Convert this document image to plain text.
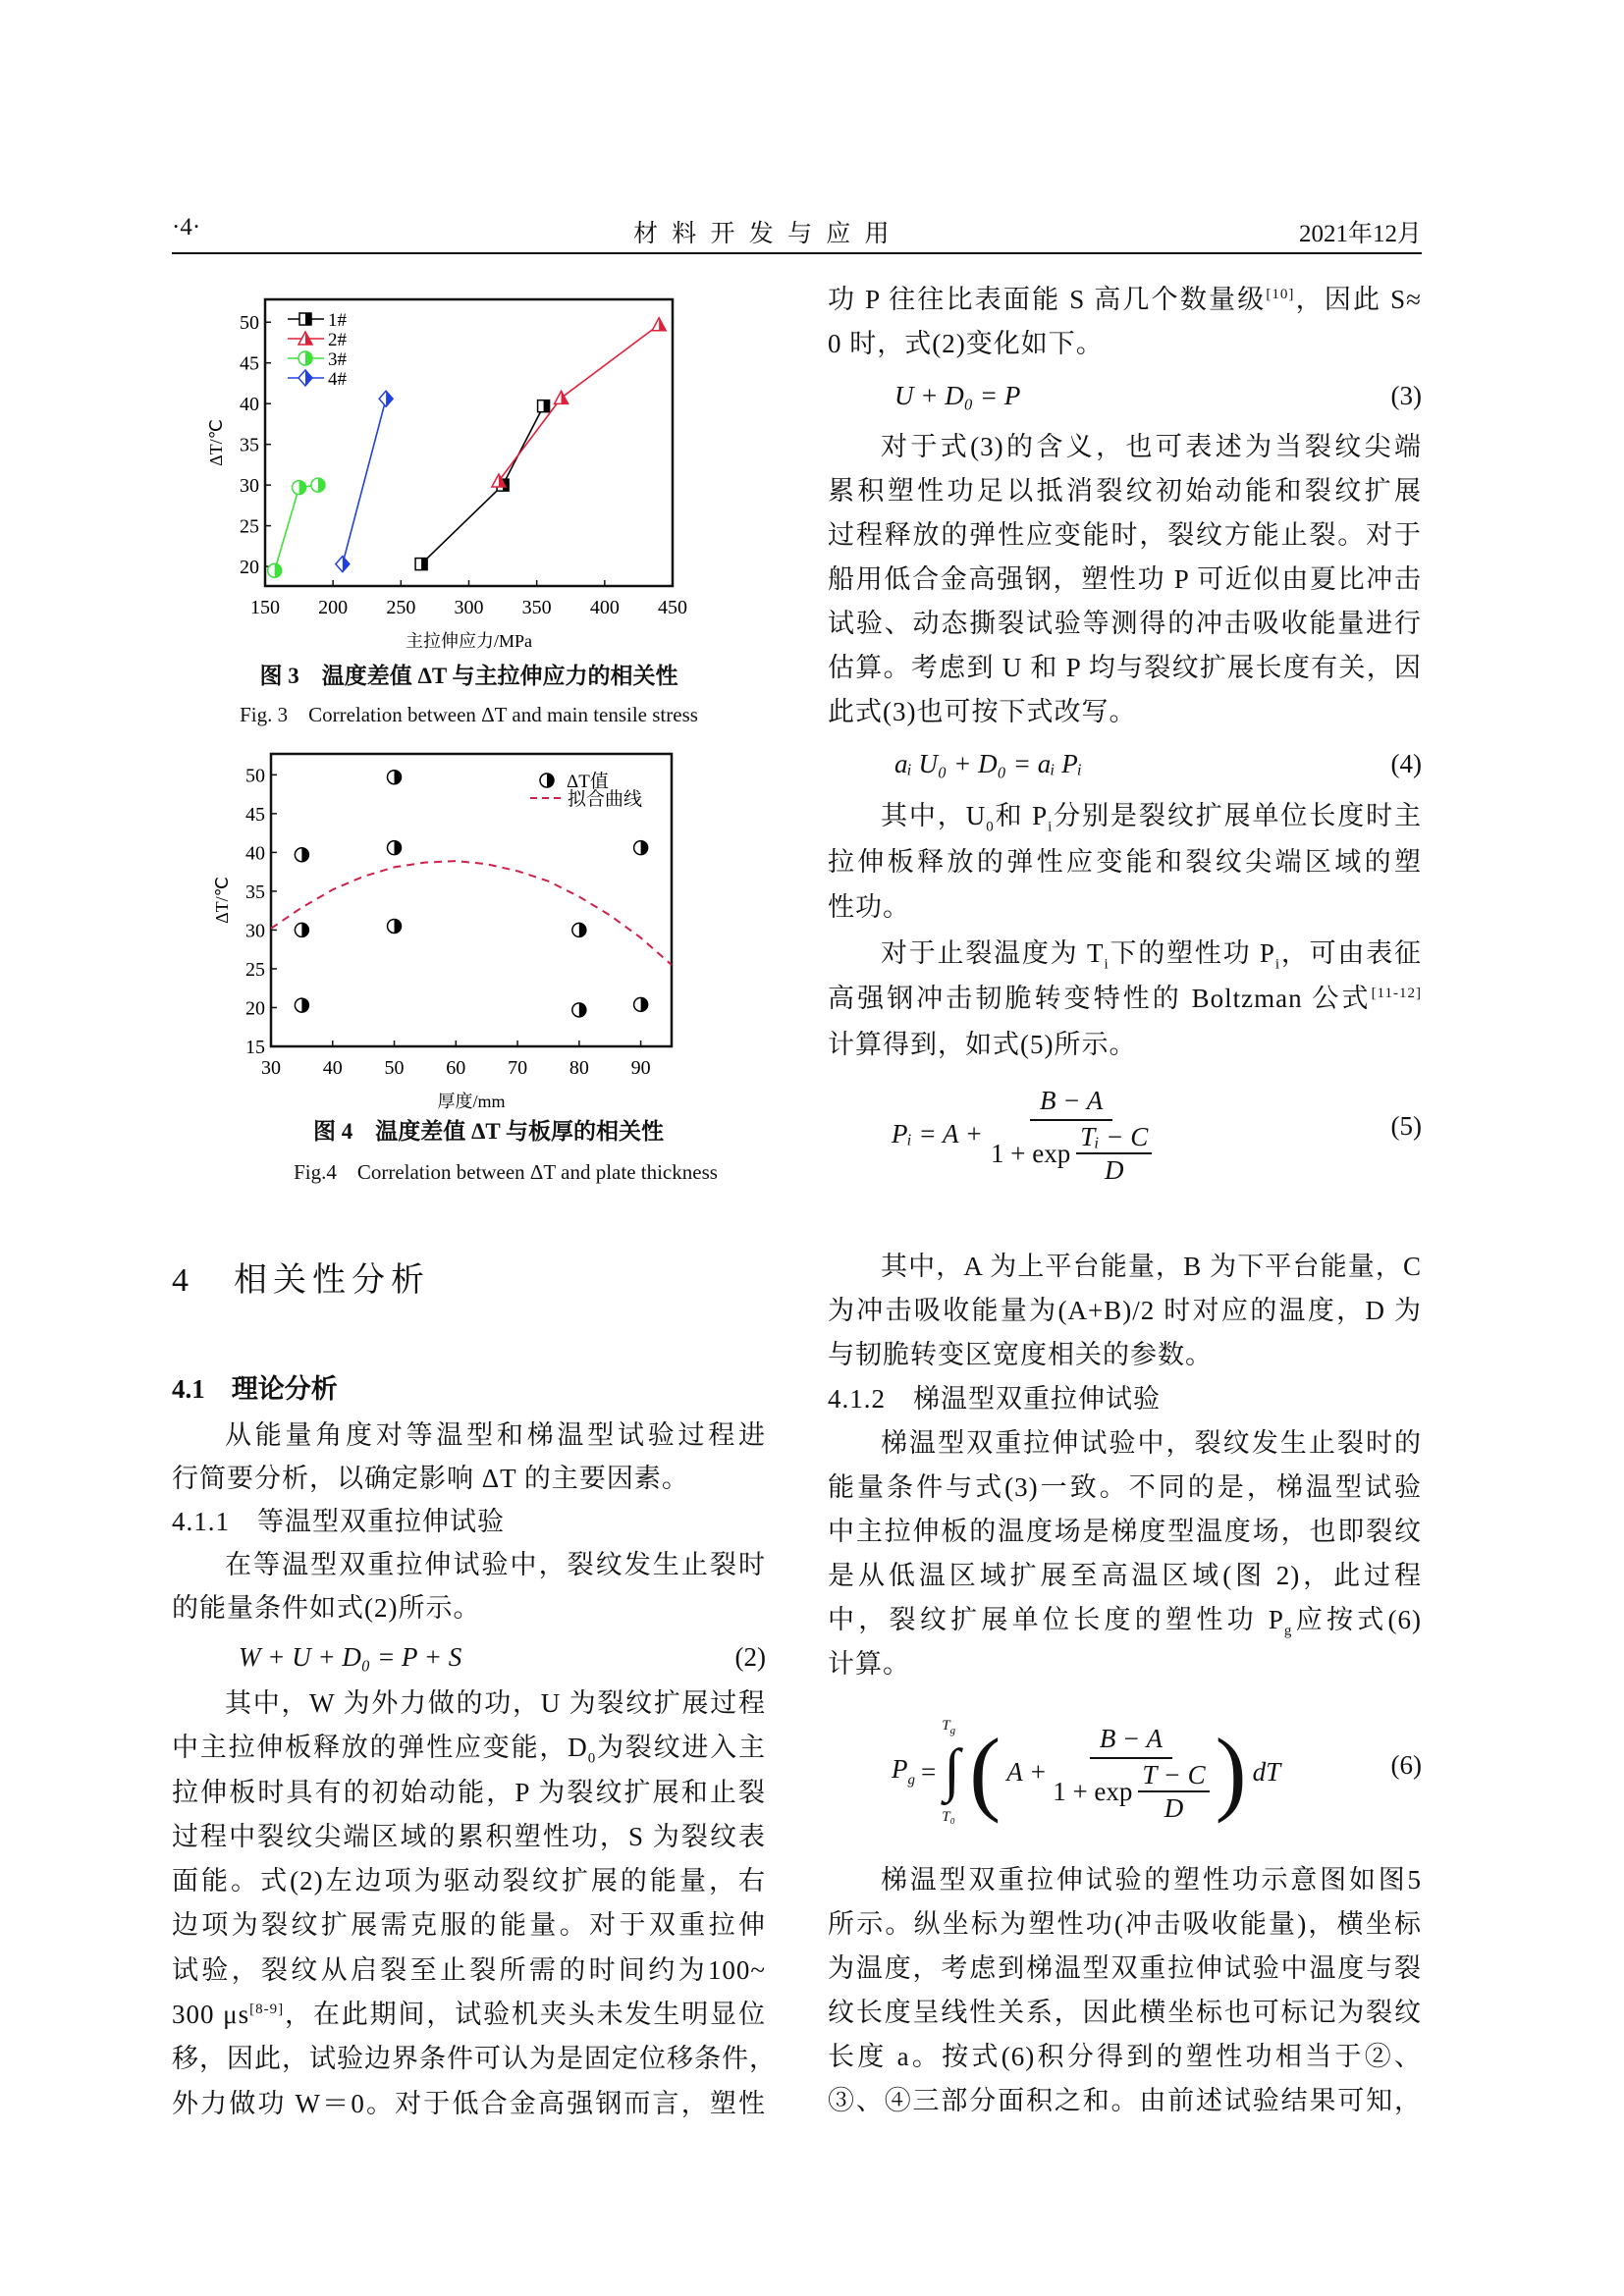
·4·	材 料 开 发 与 应 用	2021年12月
150 200 250 300 350 400 450
20
25
30
35
40
45
50
主拉伸应力/MPa
ΔT/℃
1#
2#
3#
4#
图 3　温度差值 ΔT 与主拉伸应力的相关性
Fig. 3　Correlation between ΔT and main tensile stress
30 40 50 60 70 80 90
15
20
25
30
35
40
45
50
厚度/mm
ΔT/℃
ΔT值
拟合曲线
图 4　温度差值 ΔT 与板厚的相关性
Fig.4　Correlation between ΔT and plate thickness
4　相关性分析
4.1　理论分析
从能量角度对等温型和梯温型试验过程进
行简要分析，以确定影响 ΔT 的主要因素。
4.1.1　等温型双重拉伸试验
在等温型双重拉伸试验中，裂纹发生止裂时
的能量条件如式(2)所示。
W + U + D₀ = P + S	(2)
其中，W 为外力做的功，U 为裂纹扩展过程
中主拉伸板释放的弹性应变能，$D_0$为裂纹进入主
拉伸板时具有的初始动能，P 为裂纹扩展和止裂
过程中裂纹尖端区域的累积塑性功，S 为裂纹表
面能。式(2)左边项为驱动裂纹扩展的能量，右
边项为裂纹扩展需克服的能量。对于双重拉伸
试验，裂纹从启裂至止裂所需的时间约为100~
300 μs[8-9]，在此期间，试验机夹头未发生明显位
移，因此，试验边界条件可认为是固定位移条件，
外力做功 W＝0。对于低合金高强钢而言，塑性
功 P 往往比表面能 S 高几个数量级[10]，因此 S≈
0 时，式(2)变化如下。
U + D₀ = P	(3)
对于式(3)的含义，也可表述为当裂纹尖端
累积塑性功足以抵消裂纹初始动能和裂纹扩展
过程释放的弹性应变能时，裂纹方能止裂。对于
船用低合金高强钢，塑性功 P 可近似由夏比冲击
试验、动态撕裂试验等测得的冲击吸收能量进行
估算。考虑到 U 和 P 均与裂纹扩展长度有关，因
此式(3)也可按下式改写。
aᵢ U₀ + D₀ = aᵢ Pᵢ	(4)
其中，$U_0$和 $P_i$分别是裂纹扩展单位长度时主
拉伸板释放的弹性应变能和裂纹尖端区域的塑
性功。
对于止裂温度为 $T_i$下的塑性功 $P_i$，可由表征
高强钢冲击韧脆转变特性的 Boltzman 公式[11-12]
计算得到，如式(5)所示。
Pᵢ = $A + \frac{B - A}{1 + \exp \frac{\text{Tᵢ − C}}{D}}$	(5)
其中，A 为上平台能量，B 为下平台能量，C
为冲击吸收能量为(A+B)/2 时对应的温度，D 为
与韧脆转变区宽度相关的参数。
4.1.2　梯温型双重拉伸试验
梯温型双重拉伸试验中，裂纹发生止裂时的
能量条件与式(3)一致。不同的是，梯温型试验
中主拉伸板的温度场是梯度型温度场，也即裂纹
是从低温区域扩展至高温区域(图 2)，此过程
中，裂纹扩展单位长度的塑性功 $P_g$应按式(6)
计算。
$P_g$ =
$T_g$
∫
T₀ ( $A + \frac{B - A}{1 + \exp \frac{T - C}{D}}$ ) dT	(6)
梯温型双重拉伸试验的塑性功示意图如图5
所示。纵坐标为塑性功(冲击吸收能量)，横坐标
为温度，考虑到梯温型双重拉伸试验中温度与裂
纹长度呈线性关系，因此横坐标也可标记为裂纹
长度 a。按式(6)积分得到的塑性功相当于②、
③、④三部分面积之和。由前述试验结果可知，
